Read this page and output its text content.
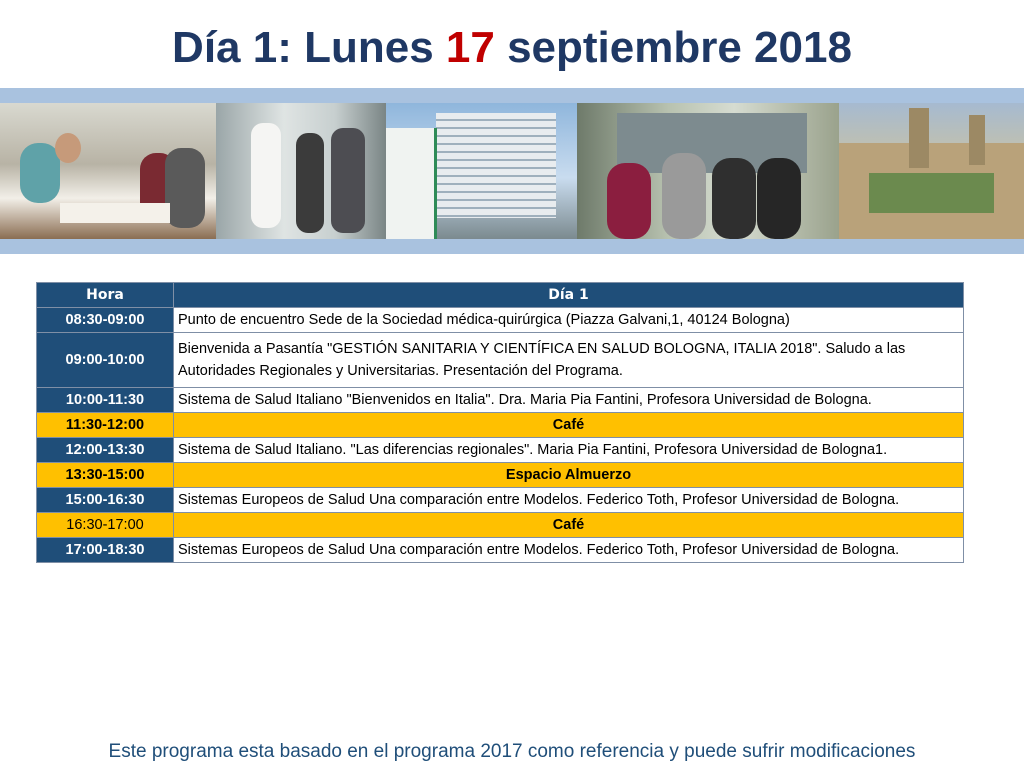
Día 1: Lunes 17 septiembre 2018
Hora	Día 1
08:30-09:00	Punto de encuentro Sede de la Sociedad médica-quirúrgica (Piazza Galvani,1, 40124 Bologna)
09:00-10:00	Bienvenida a Pasantía "GESTIÓN SANITARIA Y CIENTÍFICA EN SALUD BOLOGNA, ITALIA 2018". Saludo a las Autoridades Regionales y Universitarias. Presentación del Programa.
10:00-11:30	Sistema de Salud Italiano "Bienvenidos en Italia". Dra. Maria Pia Fantini, Profesora Universidad de Bologna.
11:30-12:00	Café
12:00-13:30	Sistema de Salud Italiano. "Las diferencias regionales". Maria Pia Fantini, Profesora Universidad de Bologna1.
13:30-15:00	Espacio Almuerzo
15:00-16:30	Sistemas Europeos de Salud Una comparación entre Modelos. Federico Toth, Profesor Universidad de Bologna.
16:30-17:00	Café
17:00-18:30	Sistemas Europeos de Salud Una comparación entre Modelos. Federico Toth, Profesor Universidad de Bologna.
Este programa esta basado en el programa 2017 como referencia y puede sufrir modificaciones
